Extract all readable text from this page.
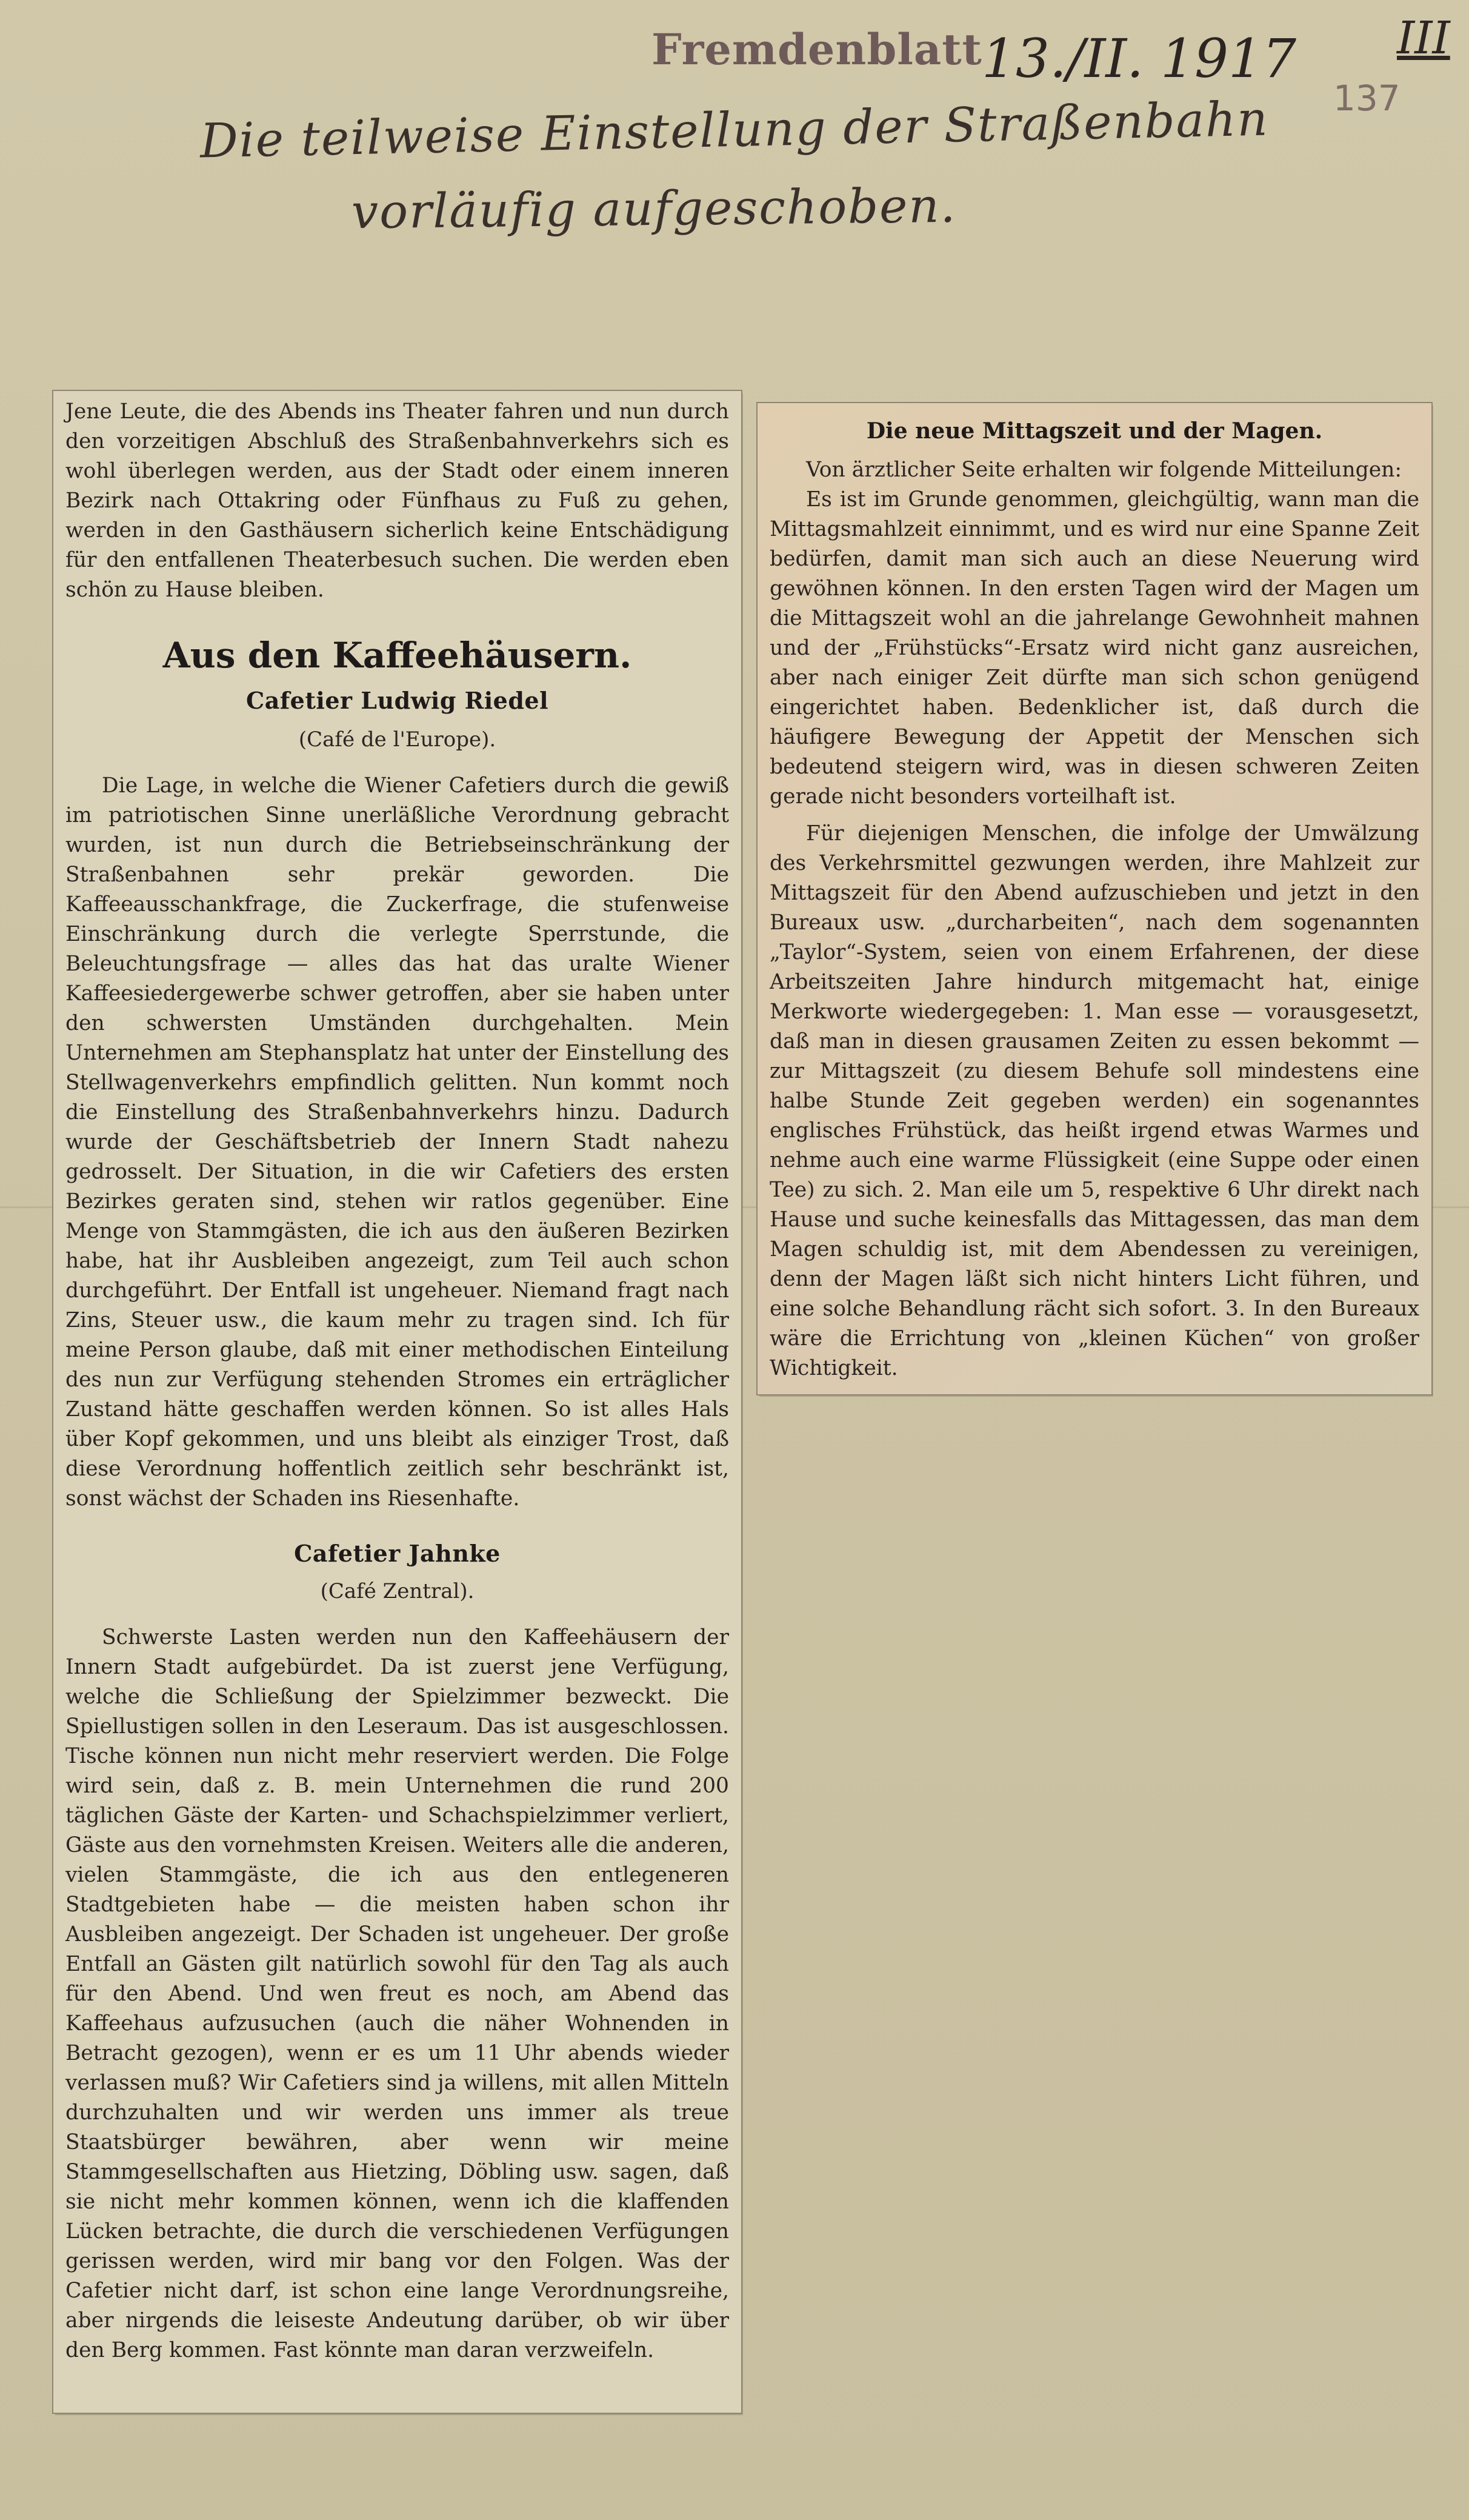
Fremdenblatt 13./II. 1917 III
137
Die teilweise Einstellung der Straßenbahn
vorläufig aufgeschoben.

Jene Leute, die des Abends ins Theater fahren und nun durch den vorzeitigen Abschluß des Straßenbahnverkehrs sich es wohl überlegen werden, aus der Stadt oder einem inneren Bezirk nach Ottakring oder Fünfhaus zu Fuß zu gehen, werden in den Gasthäusern sicherlich keine Entschädigung für den entfallenen Theaterbesuch suchen. Die werden eben schön zu Hause bleiben.

Aus den Kaffeehäusern.
Cafetier Ludwig Riedel
(Café de l'Europe).

Die Lage, in welche die Wiener Cafetiers durch die gewiß im patriotischen Sinne unerläßliche Verordnung gebracht wurden, ist nun durch die Betriebseinschränkung der Straßenbahnen sehr prekär geworden. Die Kaffeeausschankfrage, die Zuckerfrage, die stufenweise Einschränkung durch die verlegte Sperrstunde, die Beleuchtungsfrage — alles das hat das uralte Wiener Kaffeesiedergewerbe schwer getroffen, aber sie haben unter den schwersten Umständen durchgehalten. Mein Unternehmen am Stephansplatz hat unter der Einstellung des Stellwagenverkehrs empfindlich gelitten. Nun kommt noch die Einstellung des Straßenbahnverkehrs hinzu. Dadurch wurde der Geschäftsbetrieb der Innern Stadt nahezu gedrosselt. Der Situation, in die wir Cafetiers des ersten Bezirkes geraten sind, stehen wir ratlos gegenüber. Eine Menge von Stammgästen, die ich aus den äußeren Bezirken habe, hat ihr Ausbleiben angezeigt, zum Teil auch schon durchgeführt. Der Entfall ist ungeheuer. Niemand fragt nach Zins, Steuer usw., die kaum mehr zu tragen sind. Ich für meine Person glaube, daß mit einer methodischen Einteilung des nun zur Verfügung stehenden Stromes ein erträglicher Zustand hätte geschaffen werden können. So ist alles Hals über Kopf gekommen, und uns bleibt als einziger Trost, daß diese Verordnung hoffentlich zeitlich sehr beschränkt ist, sonst wächst der Schaden ins Riesenhafte.

Cafetier Jahnke
(Café Zentral).

Schwerste Lasten werden nun den Kaffeehäusern der Innern Stadt aufgebürdet. Da ist zuerst jene Verfügung, welche die Schließung der Spielzimmer bezweckt. Die Spiellustigen sollen in den Leseraum. Das ist ausgeschlossen. Tische können nun nicht mehr reserviert werden. Die Folge wird sein, daß z. B. mein Unternehmen die rund 200 täglichen Gäste der Karten- und Schachspielzimmer verliert, Gäste aus den vornehmsten Kreisen. Weiters alle die anderen, vielen Stammgäste, die ich aus den entlegeneren Stadtgebieten habe — die meisten haben schon ihr Ausbleiben angezeigt. Der Schaden ist ungeheuer. Der große Entfall an Gästen gilt natürlich sowohl für den Tag als auch für den Abend. Und wen freut es noch, am Abend das Kaffeehaus aufzusuchen (auch die näher Wohnenden in Betracht gezogen), wenn er es um 11 Uhr abends wieder verlassen muß? Wir Cafetiers sind ja willens, mit allen Mitteln durchzuhalten und wir werden uns immer als treue Staatsbürger bewähren, aber wenn wir meine Stammgesellschaften aus Hietzing, Döbling usw. sagen, daß sie nicht mehr kommen können, wenn ich die klaffenden Lücken betrachte, die durch die verschiedenen Verfügungen gerissen werden, wird mir bang vor den Folgen. Was der Cafetier nicht darf, ist schon eine lange Verordnungsreihe, aber nirgends die leiseste Andeutung darüber, ob wir über den Berg kommen. Fast könnte man daran verzweifeln.

Die neue Mittagszeit und der Magen.

Von ärztlicher Seite erhalten wir folgende Mitteilungen:

Es ist im Grunde genommen, gleichgültig, wann man die Mittagsmahlzeit einnimmt, und es wird nur eine Spanne Zeit bedürfen, damit man sich auch an diese Neuerung wird gewöhnen können. In den ersten Tagen wird der Magen um die Mittagszeit wohl an die jahrelange Gewohnheit mahnen und der „Frühstücks“-Ersatz wird nicht ganz ausreichen, aber nach einiger Zeit dürfte man sich schon genügend eingerichtet haben. Bedenklicher ist, daß durch die häufigere Bewegung der Appetit der Menschen sich bedeutend steigern wird, was in diesen schweren Zeiten gerade nicht besonders vorteilhaft ist.

Für diejenigen Menschen, die infolge der Umwälzung des Verkehrsmittel gezwungen werden, ihre Mahlzeit zur Mittagszeit für den Abend aufzuschieben und jetzt in den Bureaux usw. „durcharbeiten“, nach dem sogenannten „Taylor“-System, seien von einem Erfahrenen, der diese Arbeitszeiten Jahre hindurch mitgemacht hat, einige Merkworte wiedergegeben: 1. Man esse — vorausgesetzt, daß man in diesen grausamen Zeiten zu essen bekommt — zur Mittagszeit (zu diesem Behufe soll mindestens eine halbe Stunde Zeit gegeben werden) ein sogenanntes englisches Frühstück, das heißt irgend etwas Warmes und nehme auch eine warme Flüssigkeit (eine Suppe oder einen Tee) zu sich. 2. Man eile um 5, respektive 6 Uhr direkt nach Hause und suche keinesfalls das Mittagessen, das man dem Magen schuldig ist, mit dem Abendessen zu vereinigen, denn der Magen läßt sich nicht hinters Licht führen, und eine solche Behandlung rächt sich sofort. 3. In den Bureaux wäre die Errichtung von „kleinen Küchen“ von großer Wichtigkeit.
